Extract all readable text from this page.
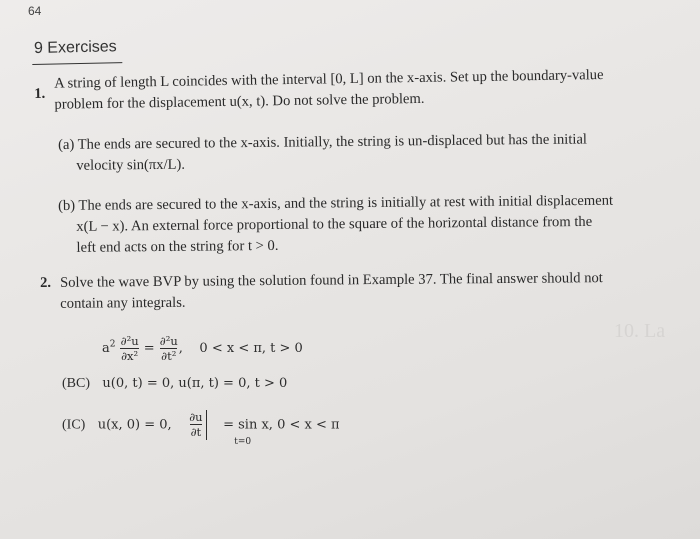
64
9 Exercises
1.
A string of length L coincides with the interval [0, L] on the x-axis. Set up the boundary-value
problem for the displacement u(x, t). Do not solve the problem.
(a) The ends are secured to the x-axis. Initially, the string is un-displaced but has the initial
velocity sin(πx/L).
(b) The ends are secured to the x-axis, and the string is initially at rest with initial displacement
x(L − x). An external force proportional to the square of the horizontal distance from the
left end acts on the string for t > 0.
2. Solve the wave BVP by using the solution found in Example 37. The final answer should not
contain any integrals.
$a^2 \frac{\text{∂²u}}{\text{∂x²}} = \frac{\text{∂²u}}{\text{∂t²}}$ ,    0 < x < π, t > 0
(BC) u(0, t) = 0, u(π, t) = 0, t > 0
(IC) u(x, 0) = 0, $\frac{\partial u}{\partial t}$
t=0
= sin x, 0 < x < π
10. La
